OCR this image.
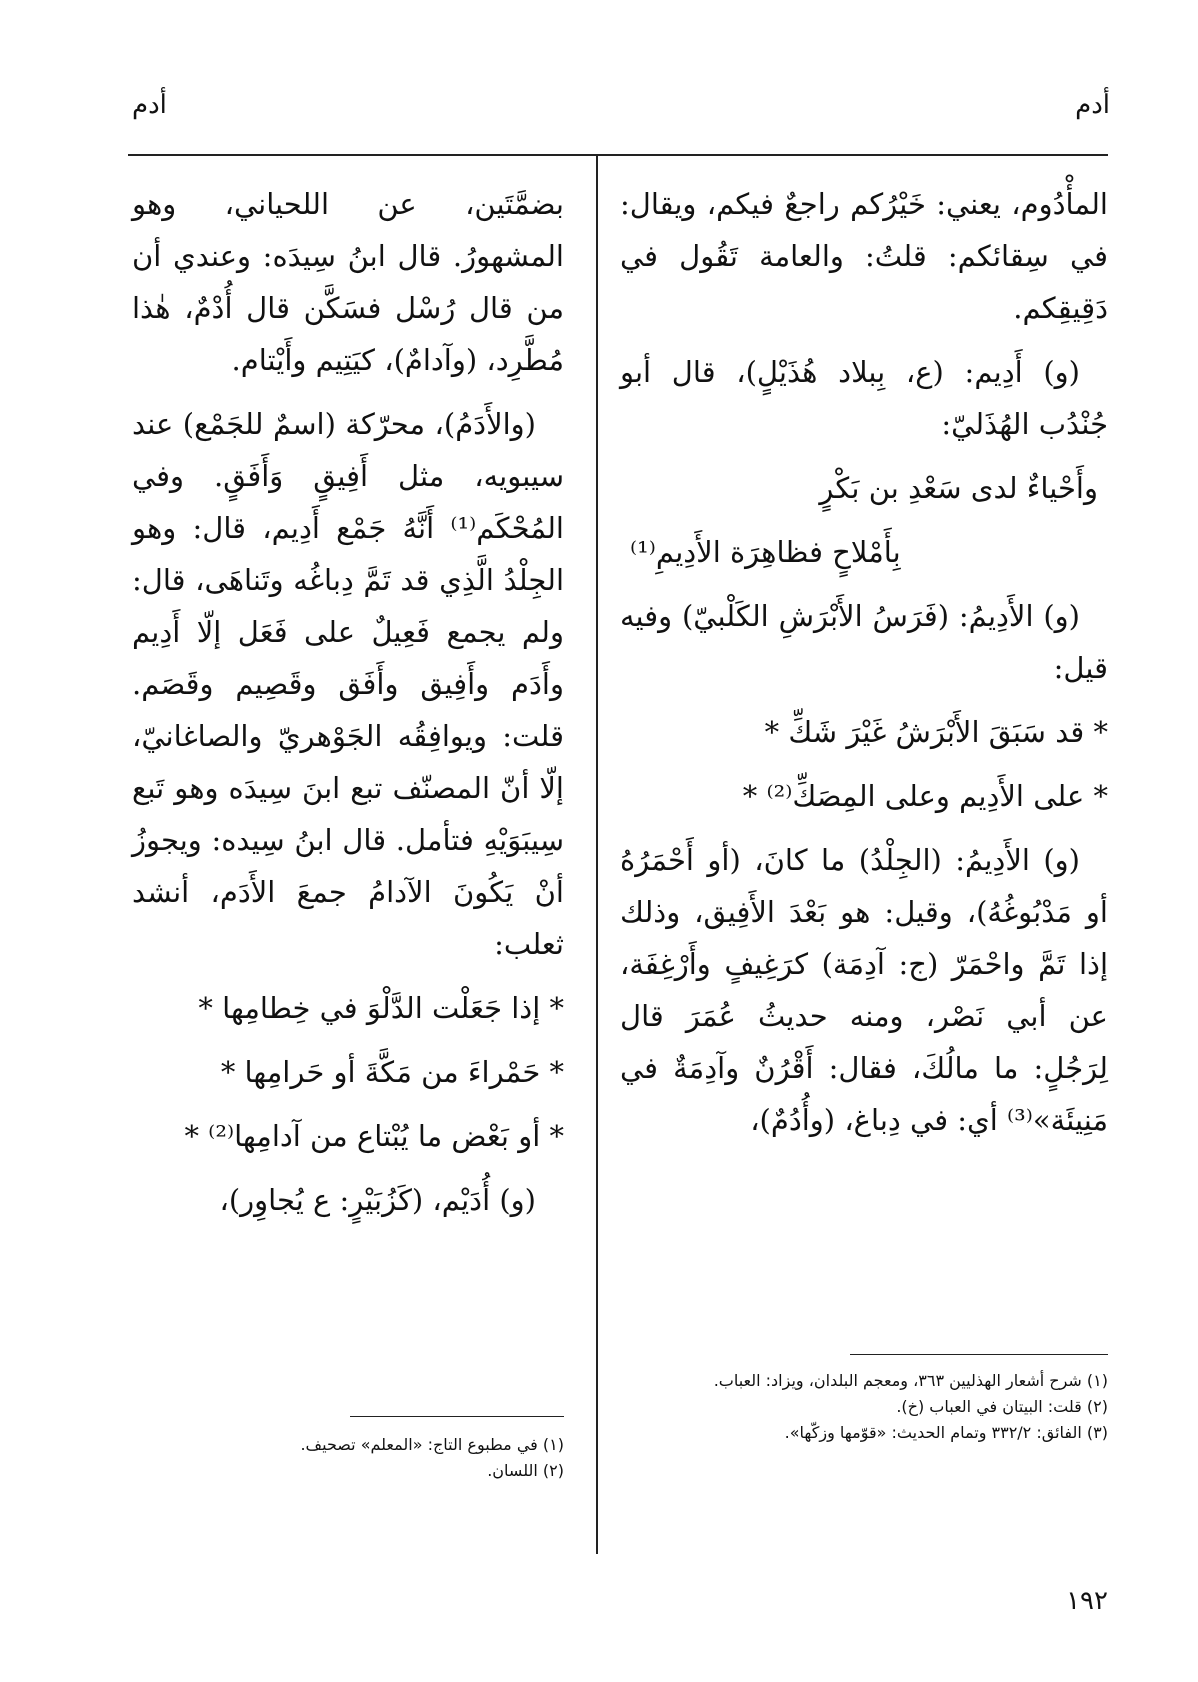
أدم
أدم

المأْدُوم، يعني: خَيْرُكم راجعٌ فيكم، ويقال: في سِقائكم: قلتُ: والعامة تَقُول في دَقِيقِكم.

(و) أَدِيم: (ع، بِبلاد هُذَيْلٍ)، قال أبو جُنْدُب الهُذَليّ:

وأَحْياءٌ لدى سَعْدِ بن بَكْرٍ

بِأَمْلاحٍ فظاهِرَة الأَدِيمِ⁽¹⁾

(و) الأَدِيمُ: (فَرَسُ الأَبْرَشِ الكَلْبيّ) وفيه قيل:

* قد سَبَقَ الأَبْرَشُ غَيْرَ شَكِّ *

* على الأَدِيم وعلى المِصَكِّ⁽²⁾ *

(و) الأَدِيمُ: (الجِلْدُ) ما كانَ، (أو أَحْمَرُهُ أو مَدْبُوغُهُ)، وقيل: هو بَعْدَ الأَفِيق، وذلك إذا تَمَّ واحْمَرّ (ج: آدِمَة) كرَغِيفٍ وأَرْغِفَة، عن أبي نَصْر، ومنه حديثُ عُمَرَ قال لِرَجُلٍ: ما مالُكَ، فقال: أَقْرُنٌ وآدِمَةٌ في مَنِيئَة»⁽³⁾ أي: في دِباغ، (وأُدُمٌ)،

بضمَّتَين، عن اللحياني، وهو المشهورُ. قال ابنُ سِيدَه: وعندي أن من قال رُسْل فسَكَّن قال أُدْمٌ، هٰذا مُطَّرِد، (وآدامٌ)، كيَتِيم وأَيْتام.

(والأَدَمُ)، محرّكة (اسمٌ للجَمْع) عند سيبويه، مثل أَفِيقٍ وَأَفَقٍ. وفي المُحْكَم⁽¹⁾ أَنَّهُ جَمْع أَدِيم، قال: وهو الجِلْدُ الَّذِي قد تَمَّ دِباغُه وتَناهَى، قال: ولم يجمع فَعِيلٌ على فَعَل إلّا أَدِيم وأَدَم وأَفِيق وأَفَق وقَصِيم وقَصَم. قلت: ويوافِقُه الجَوْهريّ والصاغانيّ، إلّا أنّ المصنّف تبع ابنَ سِيدَه وهو تَبع سِيبَوَيْهِ فتأمل. قال ابنُ سِيده: ويجوزُ أنْ يَكُونَ الآدامُ جمعَ الأَدَم، أنشد ثعلب:

* إذا جَعَلْت الدَّلْوَ في خِطامِها *

* حَمْراءَ من مَكَّةَ أو حَرامِها *

* أو بَعْض ما يُبْتاع من آدامِها⁽²⁾ *

(و) أُدَيْم، (كَزُبَيْرٍ: ع يُجاوِر)،

(١) شرح أشعار الهذليين ٣٦٣، ومعجم البلدان، ويزاد: العباب.

(٢) قلت: البيتان في العباب (خ).

(٣) الفائق: ٣٣٢/٢ وتمام الحديث: «قوّمها وزكّها».

(١) في مطبوع التاج: «المعلم» تصحيف.

(٢) اللسان.

١٩٢
